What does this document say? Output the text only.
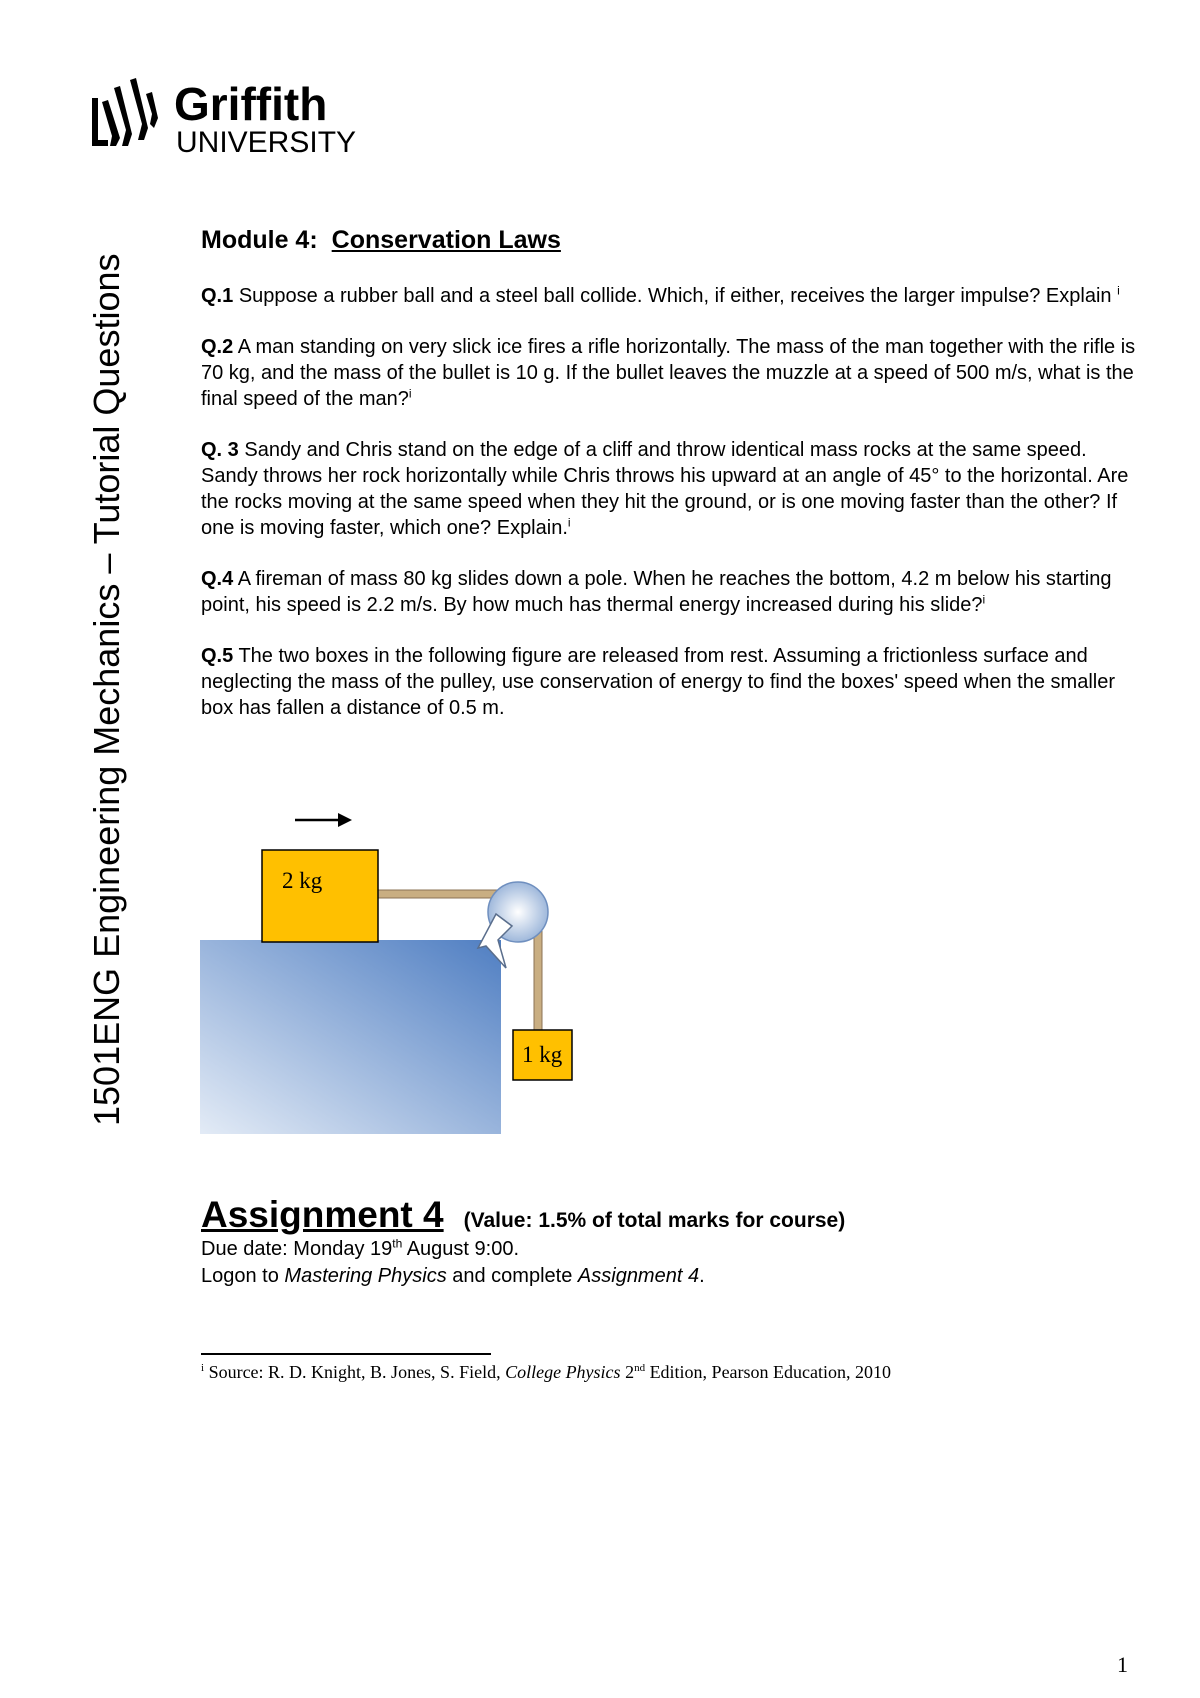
Griffith
UNIVERSITY
1501ENG Engineering Mechanics – Tutorial Questions

Module 4: Conservation Laws

Q.1 Suppose a rubber ball and a steel ball collide. Which, if either, receives the larger impulse? Explain $^i$

Q.2 A man standing on very slick ice fires a rifle horizontally. The mass of the man together with the rifle is 70 kg, and the mass of the bullet is 10 g. If the bullet leaves the muzzle at a speed of 500 m/s, what is the final speed of the man?$^i$

Q. 3 Sandy and Chris stand on the edge of a cliff and throw identical mass rocks at the same speed. Sandy throws her rock horizontally while Chris throws his upward at an angle of 45° to the horizontal. Are the rocks moving at the same speed when they hit the ground, or is one moving faster than the other? If one is moving faster, which one? Explain.$^i$

Q.4 A fireman of mass 80 kg slides down a pole. When he reaches the bottom, 4.2 m below his starting point, his speed is 2.2 m/s. By how much has thermal energy increased during his slide?$^i$

Q.5 The two boxes in the following figure are released from rest. Assuming a frictionless surface and neglecting the mass of the pulley, use conservation of energy to find the boxes' speed when the smaller box has fallen a distance of 0.5 m.

2 kg
1 kg
Assignment 4 (Value: 1.5% of total marks for course)

Due date: Monday 19th August 9:00.

Logon to Mastering Physics and complete Assignment 4.

$^i$ Source: R. D. Knight, B. Jones, S. Field, College Physics 2nd Edition, Pearson Education, 2010
1
